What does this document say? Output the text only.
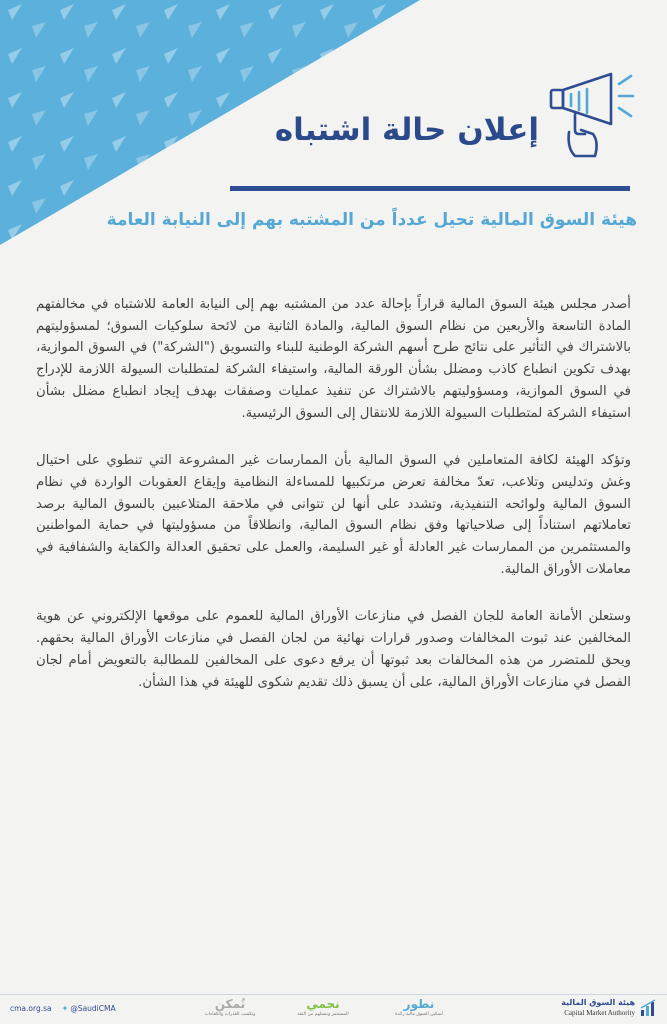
إعلان حالة اشتباه
هيئة السوق المالية تحيل عدداً من المشتبه بهم إلى النيابة العامة

أصدر مجلس هيئة السوق المالية قراراً بإحالة عدد من المشتبه بهم إلى النيابة العامة للاشتباه في مخالفتهم المادة التاسعة والأربعين من نظام السوق المالية، والمادة الثانية من لائحة سلوكيات السوق؛ لمسؤوليتهم بالاشتراك في التأثير على نتائج طرح أسهم الشركة الوطنية للبناء والتسويق ("الشركة") في السوق الموازية، بهدف تكوين انطباع كاذب ومضلل بشأن الورقة المالية، واستيفاء الشركة لمتطلبات السيولة اللازمة للإدراج في السوق الموازية، ومسؤوليتهم بالاشتراك عن تنفيذ عمليات وصفقات بهدف إيجاد انطباع مضلل بشأن استيفاء الشركة لمتطلبات السيولة اللازمة للانتقال إلى السوق الرئيسية.

وتؤكد الهيئة لكافة المتعاملين في السوق المالية بأن الممارسات غير المشروعة التي تنطوي على احتيال وغش وتدليس وتلاعب، تعدّ مخالفة تعرض مرتكبيها للمساءلة النظامية وإيقاع العقوبات الواردة في نظام السوق المالية ولوائحه التنفيذية، وتشدد على أنها لن تتوانى في ملاحقة المتلاعبين بالسوق المالية برصد تعاملاتهم استناداً إلى صلاحياتها وفق نظام السوق المالية، وانطلاقاً من مسؤوليتها في حماية المواطنين والمستثمرين من الممارسات غير العادلة أو غير السليمة، والعمل على تحقيق العدالة والكفاية والشفافية في معاملات الأوراق المالية.

وستعلن الأمانة العامة للجان الفصل في منازعات الأوراق المالية للعموم على موقعها الإلكتروني عن هوية المخالفين عند ثبوت المخالفات وصدور قرارات نهائية من لجان الفصل في منازعات الأوراق المالية بحقهم. ويحق للمتضرر من هذه المخالفات بعد ثبوتها أن يرفع دعوى على المخالفين للمطالبة بالتعويض أمام لجان الفصل في منازعات الأوراق المالية، على أن يسبق ذلك تقديم شكوى للهيئة في هذا الشأن.

cma.org.sa ✦ @SaudiCMA	نُمكن
ونكسب القدرات والكفاءات
نحمي
المستثمر ونستلهم من الثقة
نطور
لتمكين السوق مالية رائدة
هيئة السوق المالية
Capital Market Authority
